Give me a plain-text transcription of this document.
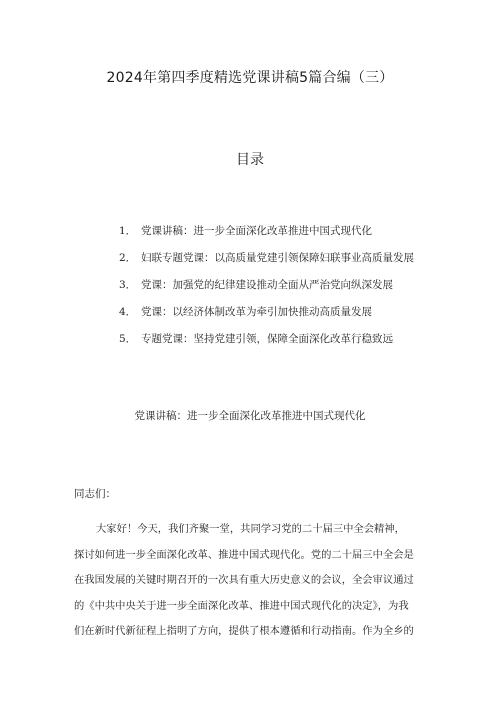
2024年第四季度精选党课讲稿5篇合编（三）
目录
1． 党课讲稿：进一步全面深化改革推进中国式现代化
2． 妇联专题党课：以高质量党建引领保障妇联事业高质量发展
3． 党课：加强党的纪律建设推动全面从严治党向纵深发展
4． 党课：以经济体制改革为牵引加快推动高质量发展
5． 专题党课：坚持党建引领，保障全面深化改革行稳致远
党课讲稿：进一步全面深化改革推进中国式现代化
同志们：
大家好！今天，我们齐聚一堂，共同学习党的二十届三中全会精神，
探讨如何进一步全面深化改革、推进中国式现代化。党的二十届三中全会是
在我国发展的关键时期召开的一次具有重大历史意义的会议，全会审议通过
的《中共中央关于进一步全面深化改革、推进中国式现代化的决定》，为我
们在新时代新征程上指明了方向，提供了根本遵循和行动指南。作为全乡的
